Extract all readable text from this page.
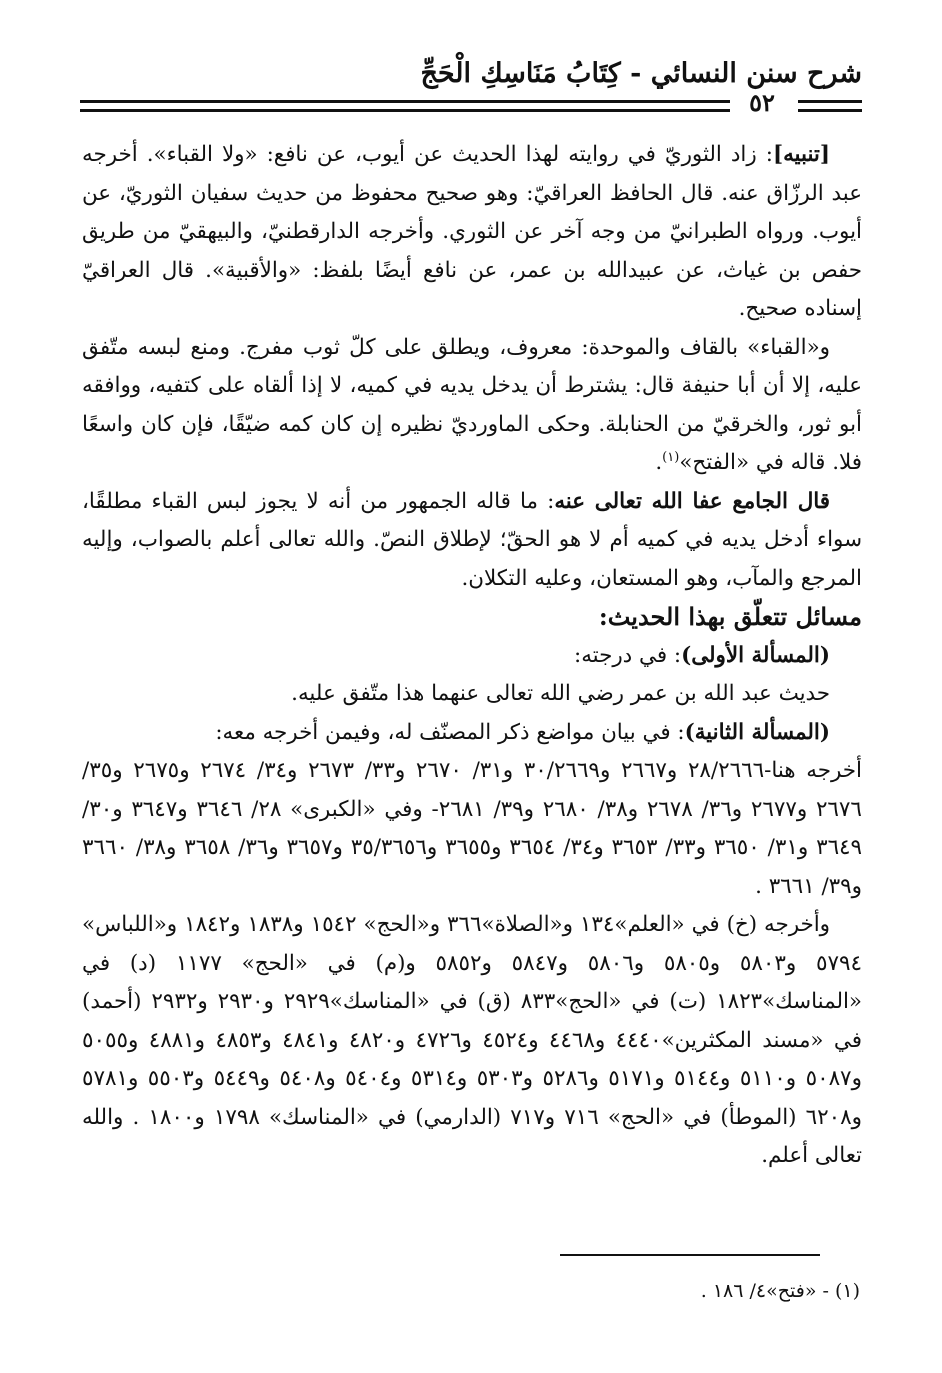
شرح سنن النسائي - كِتَابُ مَنَاسِكِ الْحَجِّ
٥٢

[تنبيه]: زاد الثوريّ في روايته لهذا الحديث عن أيوب، عن نافع: «ولا القباء». أخرجه عبد الرزّاق عنه. قال الحافظ العراقيّ: وهو صحيح محفوظ من حديث سفيان الثوريّ، عن أيوب. ورواه الطبرانيّ من وجه آخر عن الثوري. وأخرجه الدارقطنيّ، والبيهقيّ من طريق حفص بن غياث، عن عبيدالله بن عمر، عن نافع أيضًا بلفظ: «والأقبية». قال العراقيّ إسناده صحيح.

و«القباء» بالقاف والموحدة: معروف، ويطلق على كلّ ثوب مفرج. ومنع لبسه متّفق عليه، إلا أن أبا حنيفة قال: يشترط أن يدخل يديه في كميه، لا إذا ألقاه على كتفيه، ووافقه أبو ثور، والخرقيّ من الحنابلة. وحكى الماورديّ نظيره إن كان كمه ضيّقًا، فإن كان واسعًا فلا. قاله في «الفتح»$^{(١)}$.

قال الجامع عفا الله تعالى عنه: ما قاله الجمهور من أنه لا يجوز لبس القباء مطلقًا، سواء أدخل يديه في كميه أم لا هو الحقّ؛ لإطلاق النصّ. والله تعالى أعلم بالصواب، وإليه المرجع والمآب، وهو المستعان، وعليه التكلان.

مسائل تتعلّق بهذا الحديث:

(المسألة الأولى): في درجته:

حديث عبد الله بن عمر رضي الله تعالى عنهما هذا متّفق عليه.

(المسألة الثانية): في بيان مواضع ذكر المصنّف له، وفيمن أخرجه معه:

أخرجه هنا-٢٨/٢٦٦٦ و٢٦٦٧ و٣٠/٢٦٦٩ و٣١/ ٢٦٧٠ و٣٣/ ٢٦٧٣ و٣٤/ ٢٦٧٤ و٢٦٧٥ و٣٥/ ٢٦٧٦ و٢٦٧٧ و٣٦/ ٢٦٧٨ و٣٨/ ٢٦٨٠ و٣٩/ ٢٦٨١- وفي «الكبرى» ٢٨/ ٣٦٤٦ و٣٦٤٧ و٣٠/ ٣٦٤٩ و٣١/ ٣٦٥٠ و٣٣/ ٣٦٥٣ و٣٤/ ٣٦٥٤ و٣٦٥٥ و٣٥/٣٦٥٦ و٣٦٥٧ و٣٦/ ٣٦٥٨ و٣٨/ ٣٦٦٠ و٣٩/ ٣٦٦١ .

وأخرجه (خ) في «العلم»١٣٤ و«الصلاة»٣٦٦ و«الحج» ١٥٤٢ و١٨٣٨ و١٨٤٢ و«اللباس» ٥٧٩٤ و٥٨٠٣ و٥٨٠٥ و٥٨٠٦ و٥٨٤٧ و٥٨٥٢ و(م) في «الحج» ١١٧٧ (د) في «المناسك»١٨٢٣ (ت) في «الحج»٨٣٣ (ق) في «المناسك»٢٩٢٩ و٢٩٣٠ و٢٩٣٢ (أحمد) في «مسند المكثرين»٤٤٤٠ و٤٤٦٨ و٤٥٢٤ و٤٧٢٦ و٤٨٢٠ و٤٨٤١ و٤٨٥٣ و٤٨٨١ و٥٠٥٥ و٥٠٨٧ و٥١١٠ و٥١٤٤ و٥١٧١ و٥٢٨٦ و٥٣٠٣ و٥٣١٤ و٥٤٠٤ و٥٤٠٨ و٥٤٤٩ و٥٥٠٣ و٥٧٨١ و٦٢٠٨ (الموطأ) في «الحج» ٧١٦ و٧١٧ (الدارمي) في «المناسك» ١٧٩٨ و١٨٠٠ . والله تعالى أعلم.

(١) - «فتح»٤/ ١٨٦ .
